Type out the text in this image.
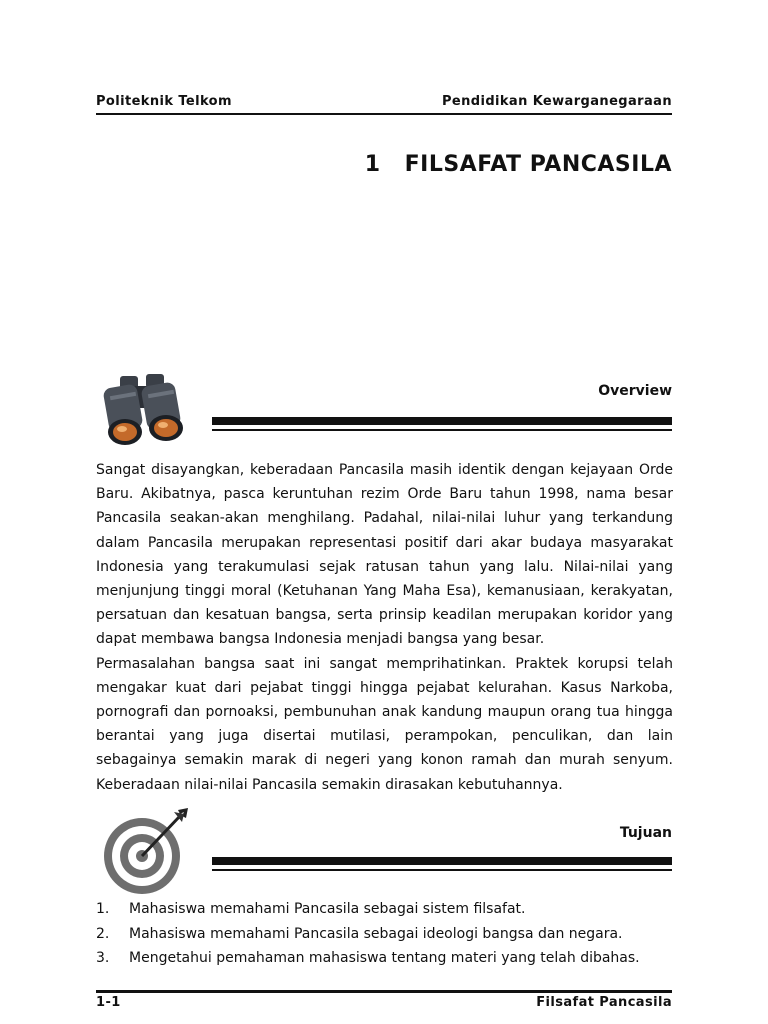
Politeknik Telkom	Pendidikan Kewarganegaraan
1 FILSAFAT PANCASILA
Overview

Sangat disayangkan, keberadaan Pancasila masih identik dengan kejayaan Orde Baru. Akibatnya, pasca keruntuhan rezim Orde Baru tahun 1998, nama besar Pancasila seakan-akan menghilang. Padahal, nilai-nilai luhur yang terkandung dalam Pancasila merupakan representasi positif dari akar budaya masyarakat Indonesia yang terakumulasi sejak ratusan tahun yang lalu. Nilai-nilai yang menjunjung tinggi moral (Ketuhanan Yang Maha Esa), kemanusiaan, kerakyatan, persatuan dan kesatuan bangsa, serta prinsip keadilan merupakan koridor yang dapat membawa bangsa Indonesia menjadi bangsa yang besar.

Permasalahan bangsa saat ini sangat memprihatinkan. Praktek korupsi telah mengakar kuat dari pejabat tinggi hingga pejabat kelurahan. Kasus Narkoba, pornografi dan pornoaksi, pembunuhan anak kandung maupun orang tua hingga berantai yang juga disertai mutilasi, perampokan, penculikan, dan lain sebagainya semakin marak di negeri yang konon ramah dan murah senyum. Keberadaan nilai-nilai Pancasila semakin dirasakan kebutuhannya.

Tujuan
1.	Mahasiswa memahami Pancasila sebagai sistem filsafat.
2.	Mahasiswa memahami Pancasila sebagai ideologi bangsa dan negara.
3.	Mengetahui pemahaman mahasiswa tentang materi yang telah dibahas.
1-1	Filsafat Pancasila
